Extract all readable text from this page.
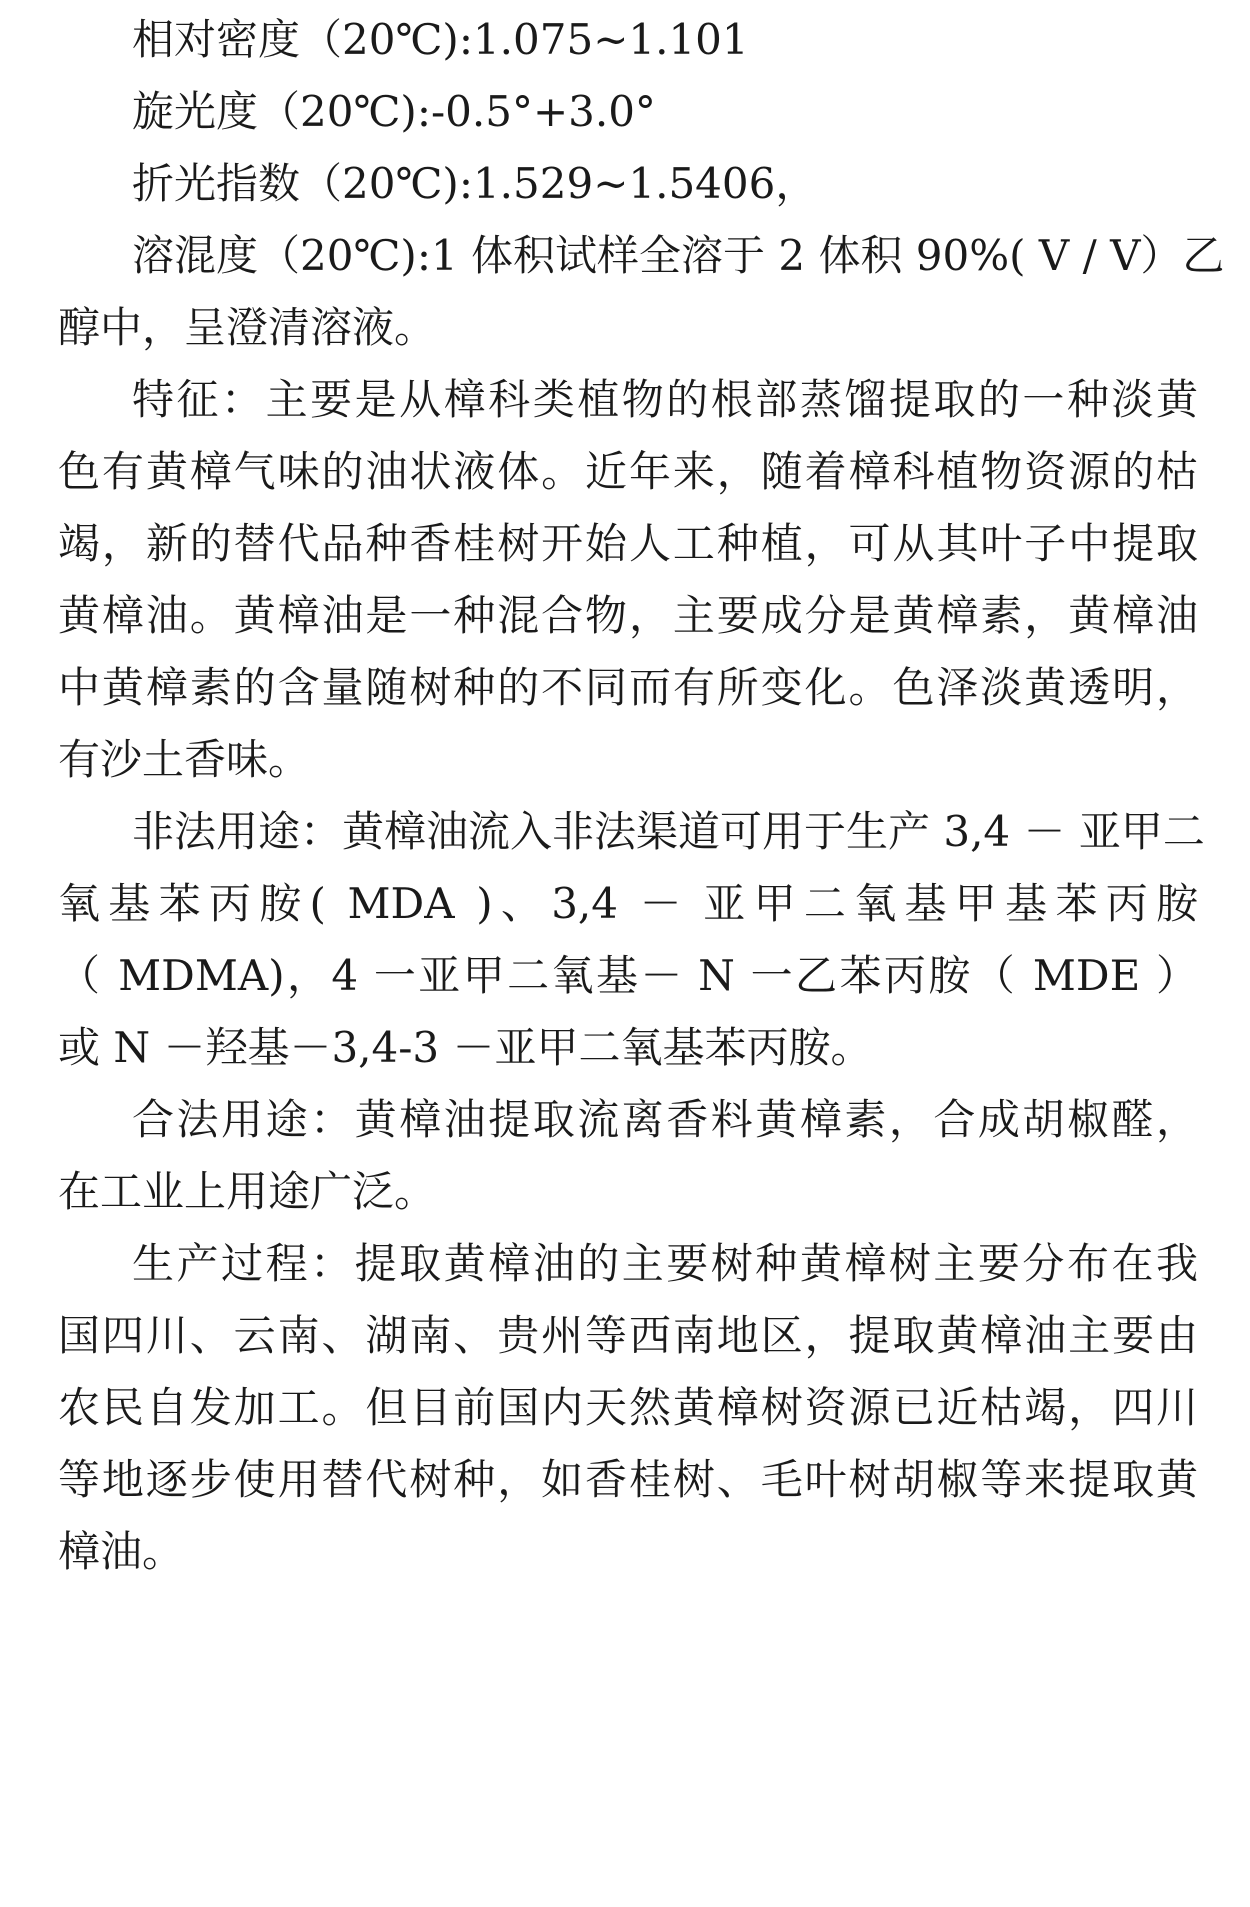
相对密度（20℃):1.075~1.101
旋光度（20℃):-0.5°+3.0°
折光指数（20℃):1.529~1.5406，
溶混度（20℃):1 体积试样全溶于 2 体积 90%( V / V）乙
醇中，呈澄清溶液。
特征：主要是从樟科类植物的根部蒸馏提取的一种淡黄
色有黄樟气味的油状液体。近年来，随着樟科植物资源的枯
竭，新的替代品种香桂树开始人工种植，可从其叶子中提取
黄樟油。黄樟油是一种混合物，主要成分是黄樟素，黄樟油
中黄樟素的含量随树种的不同而有所变化。色泽淡黄透明，
有沙土香味。
非法用途：黄樟油流入非法渠道可用于生产 3,4 － 亚甲二
氧基苯丙胺( MDA )、3,4 － 亚甲二氧基甲基苯丙胺
（ MDMA)，4 一亚甲二氧基－ N 一乙苯丙胺（ MDE ）
或 N －羟基－3,4-3 －亚甲二氧基苯丙胺。
合法用途：黄樟油提取流离香料黄樟素，合成胡椒醛，
在工业上用途广泛。
生产过程：提取黄樟油的主要树种黄樟树主要分布在我
国四川、云南、湖南、贵州等西南地区，提取黄樟油主要由
农民自发加工。但目前国内天然黄樟树资源已近枯竭，四川
等地逐步使用替代树种，如香桂树、毛叶树胡椒等来提取黄
樟油。
